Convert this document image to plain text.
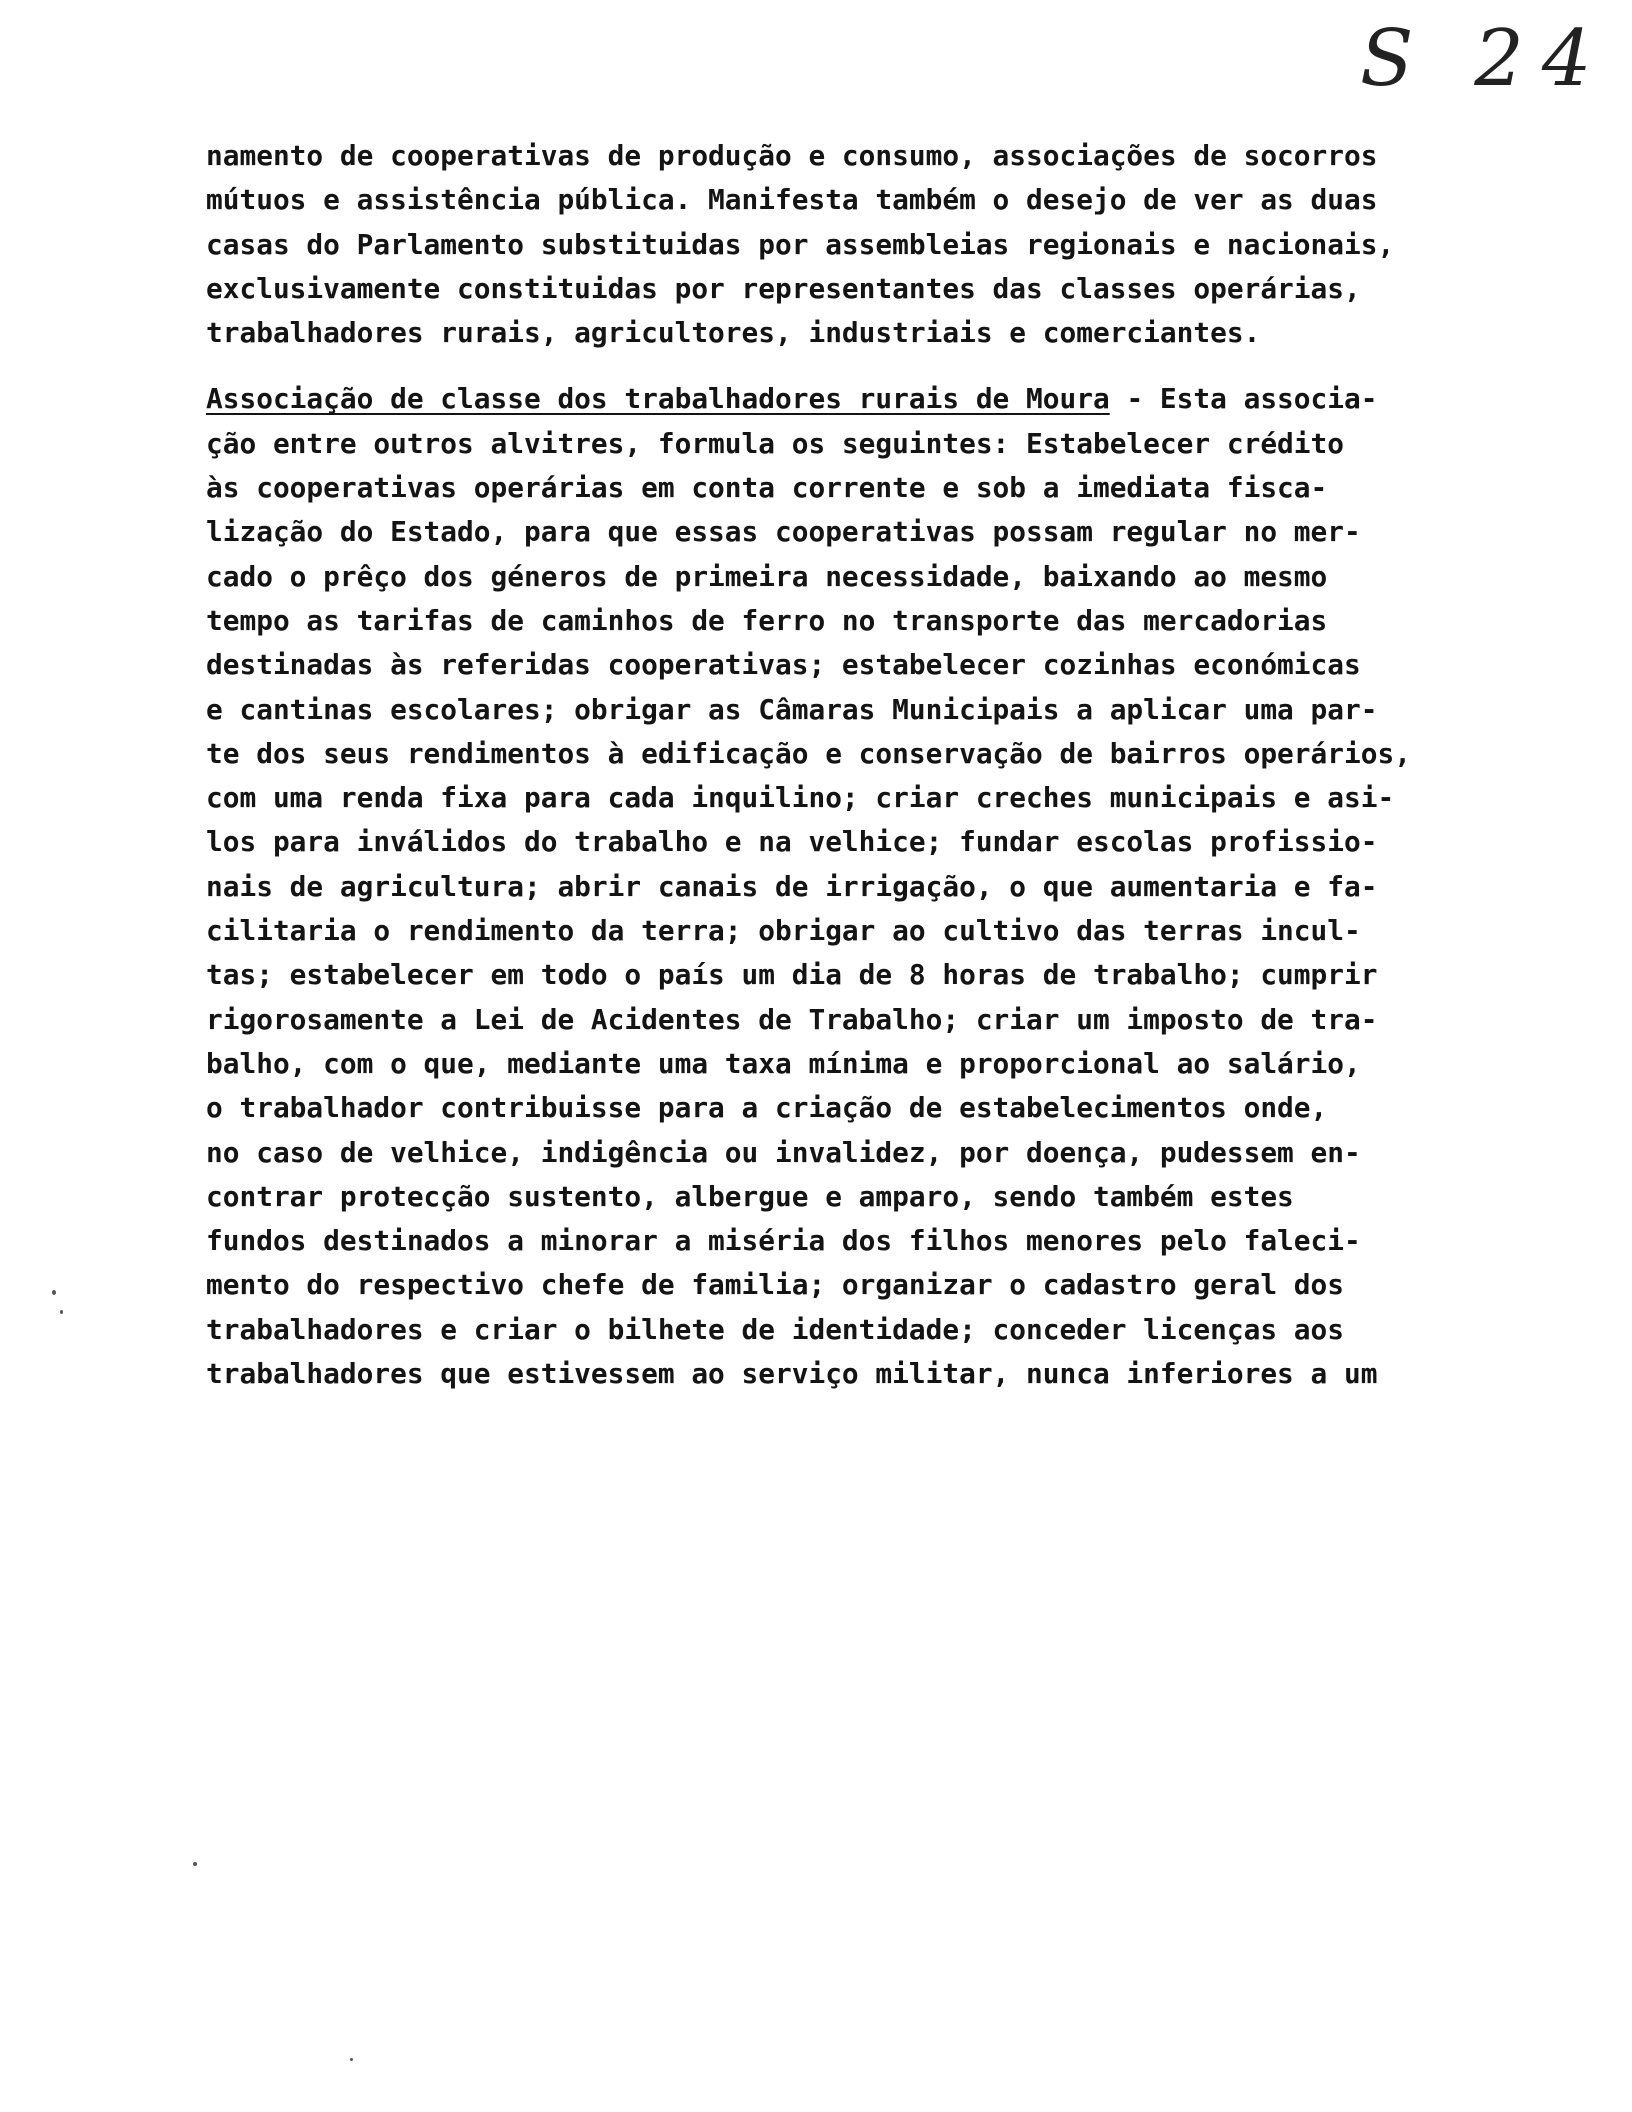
S 24
namento de cooperativas de produção e consumo, associações de socorros
mútuos e assistência pública. Manifesta também o desejo de ver as duas
casas do Parlamento substituidas por assembleias regionais e nacionais,
exclusivamente constituidas por representantes das classes operárias,
trabalhadores rurais, agricultores, industriais e comerciantes.
Associação de classe dos trabalhadores rurais de Moura - Esta associa-
ção entre outros alvitres, formula os seguintes: Estabelecer crédito
às cooperativas operárias em conta corrente e sob a imediata fisca-
lização do Estado, para que essas cooperativas possam regular no mer-
cado o prêço dos géneros de primeira necessidade, baixando ao mesmo
tempo as tarifas de caminhos de ferro no transporte das mercadorias
destinadas às referidas cooperativas; estabelecer cozinhas económicas
e cantinas escolares; obrigar as Câmaras Municipais a aplicar uma par-
te dos seus rendimentos à edificação e conservação de bairros operários,
com uma renda fixa para cada inquilino; criar creches municipais e asi-
los para inválidos do trabalho e na velhice; fundar escolas profissio-
nais de agricultura; abrir canais de irrigação, o que aumentaria e fa-
cilitaria o rendimento da terra; obrigar ao cultivo das terras incul-
tas; estabelecer em todo o país um dia de 8 horas de trabalho; cumprir
rigorosamente a Lei de Acidentes de Trabalho; criar um imposto de tra-
balho, com o que, mediante uma taxa mínima e proporcional ao salário,
o trabalhador contribuisse para a criação de estabelecimentos onde,
no caso de velhice, indigência ou invalidez, por doença, pudessem en-
contrar protecção sustento, albergue e amparo, sendo também estes
fundos destinados a minorar a miséria dos filhos menores pelo faleci-
mento do respectivo chefe de familia; organizar o cadastro geral dos
trabalhadores e criar o bilhete de identidade; conceder licenças aos
trabalhadores que estivessem ao serviço militar, nunca inferiores a um
